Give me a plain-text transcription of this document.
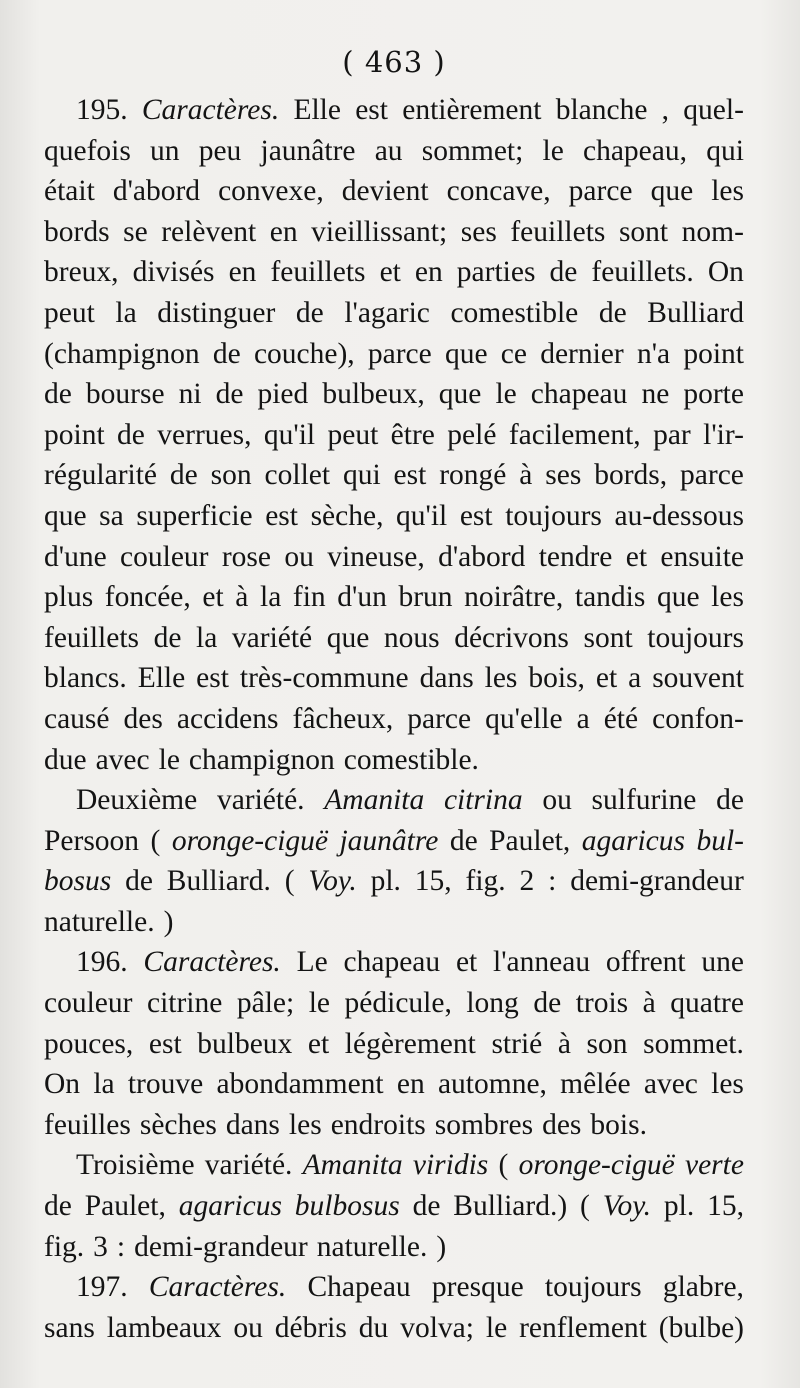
( 463 )
195. Caractères. Elle est entièrement blanche , quel-
quefois un peu jaunâtre au sommet; le chapeau, qui
était d'abord convexe, devient concave, parce que les
bords se relèvent en vieillissant; ses feuillets sont nom-
breux, divisés en feuillets et en parties de feuillets. On
peut la distinguer de l'agaric comestible de Bulliard
(champignon de couche), parce que ce dernier n'a point
de bourse ni de pied bulbeux, que le chapeau ne porte
point de verrues, qu'il peut être pelé facilement, par l'ir-
régularité de son collet qui est rongé à ses bords, parce
que sa superficie est sèche, qu'il est toujours au-dessous
d'une couleur rose ou vineuse, d'abord tendre et ensuite
plus foncée, et à la fin d'un brun noirâtre, tandis que les
feuillets de la variété que nous décrivons sont toujours
blancs. Elle est très-commune dans les bois, et a souvent
causé des accidens fâcheux, parce qu'elle a été confon-
due avec le champignon comestible.
Deuxième variété. Amanita citrina ou sulfurine de
Persoon ( oronge-ciguë jaunâtre de Paulet, agaricus bul-
bosus de Bulliard. ( Voy. pl. 15, fig. 2 : demi-grandeur
naturelle. )
196. Caractères. Le chapeau et l'anneau offrent une
couleur citrine pâle; le pédicule, long de trois à quatre
pouces, est bulbeux et légèrement strié à son sommet.
On la trouve abondamment en automne, mêlée avec les
feuilles sèches dans les endroits sombres des bois.
Troisième variété. Amanita viridis ( oronge-ciguë verte
de Paulet, agaricus bulbosus de Bulliard.) ( Voy. pl. 15,
fig. 3 : demi-grandeur naturelle. )
197. Caractères. Chapeau presque toujours glabre,
sans lambeaux ou débris du volva; le renflement (bulbe)
